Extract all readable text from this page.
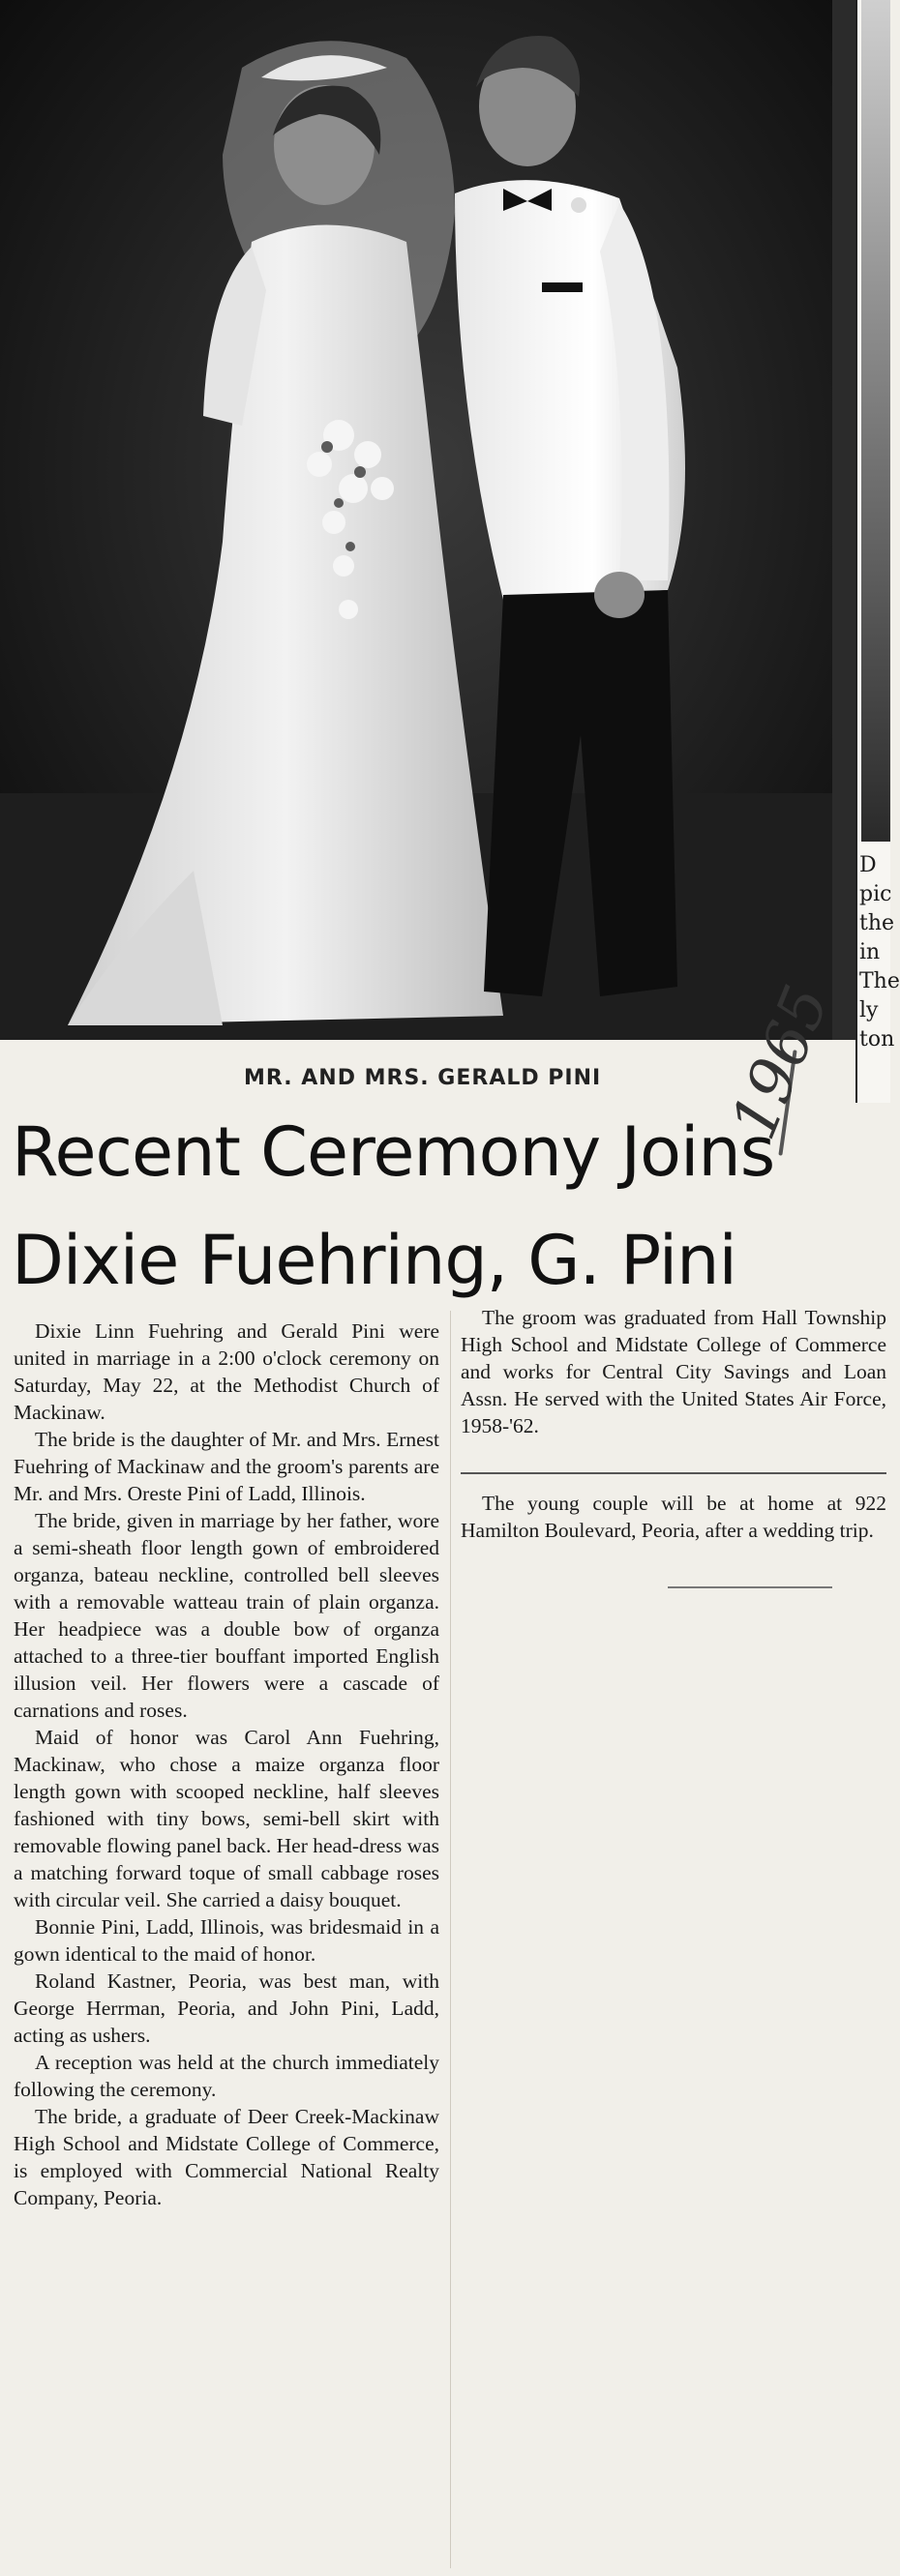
D
pic
the
in
The
ly
ton
MR. AND MRS. GERALD PINI
Recent Ceremony Joins
Dixie Fuehring, G. Pini
1965

Dixie Linn Fuehring and Gerald Pini were united in marriage in a 2:00 o'clock ceremony on Saturday, May 22, at the Methodist Church of Mackinaw.

The bride is the daughter of Mr. and Mrs. Ernest Fuehring of Mackinaw and the groom's parents are Mr. and Mrs. Oreste Pini of Ladd, Illinois.

The bride, given in marriage by her father, wore a semi-sheath floor length gown of embroidered organza, bateau neckline, controlled bell sleeves with a removable watteau train of plain organza. Her headpiece was a double bow of organza attached to a three-tier bouffant imported English illusion veil. Her flowers were a cascade of carnations and roses.

Maid of honor was Carol Ann Fuehring, Mackinaw, who chose a maize organza floor length gown with scooped neckline, half sleeves fashioned with tiny bows, semi-bell skirt with removable flowing panel back. Her head-dress was a matching forward toque of small cabbage roses with circular veil. She carried a daisy bouquet.

Bonnie Pini, Ladd, Illinois, was bridesmaid in a gown identical to the maid of honor.

Roland Kastner, Peoria, was best man, with George Herrman, Peoria, and John Pini, Ladd, acting as ushers.

A reception was held at the church immediately following the ceremony.

The bride, a graduate of Deer Creek-Mackinaw High School and Midstate College of Commerce, is employed with Commercial National Realty Company, Peoria.

The groom was graduated from Hall Township High School and Midstate College of Commerce and works for Central City Savings and Loan Assn. He served with the United States Air Force, 1958-'62.

The young couple will be at home at 922 Hamilton Boulevard, Peoria, after a wedding trip.
